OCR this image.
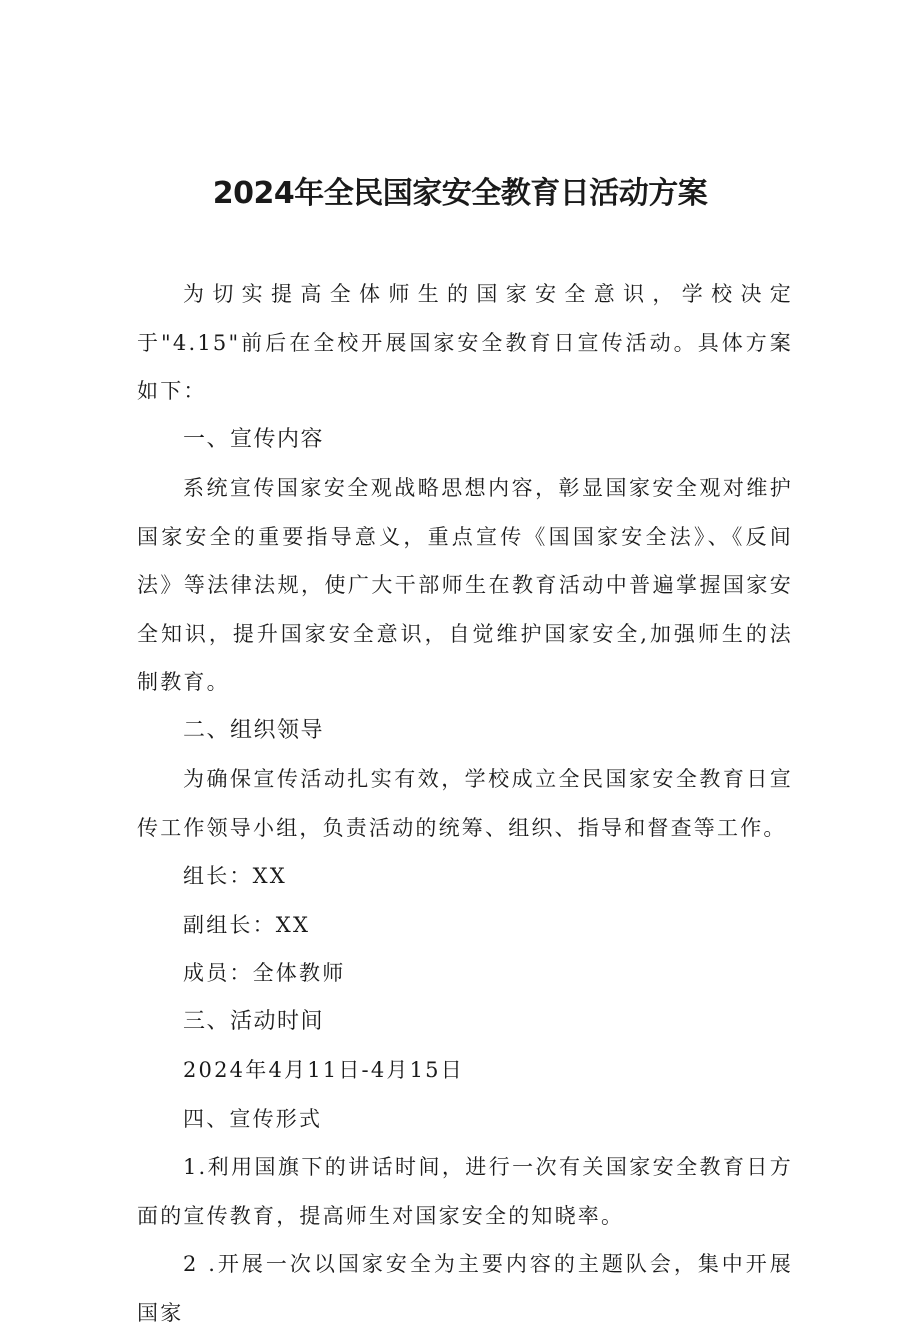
2024年全民国家安全教育日活动方案

为切实提高全体师生的国家安全意识，学校决定于"4.15"前后在全校开展国家安全教育日宣传活动。具体方案如下：

一、宣传内容

系统宣传国家安全观战略思想内容，彰显国家安全观对维护国家安全的重要指导意义，重点宣传《国国家安全法》、《反间法》等法律法规，使广大干部师生在教育活动中普遍掌握国家安全知识，提升国家安全意识，自觉维护国家安全,加强师生的法制教育。

二、组织领导

为确保宣传活动扎实有效，学校成立全民国家安全教育日宣传工作领导小组，负责活动的统筹、组织、指导和督查等工作。

组长：XX

副组长：XX

成员：全体教师

三、活动时间

2024年4月11日-4月15日

四、宣传形式

1.利用国旗下的讲话时间，进行一次有关国家安全教育日方面的宣传教育，提高师生对国家安全的知晓率。

2 .开展一次以国家安全为主要内容的主题队会，集中开展国家
